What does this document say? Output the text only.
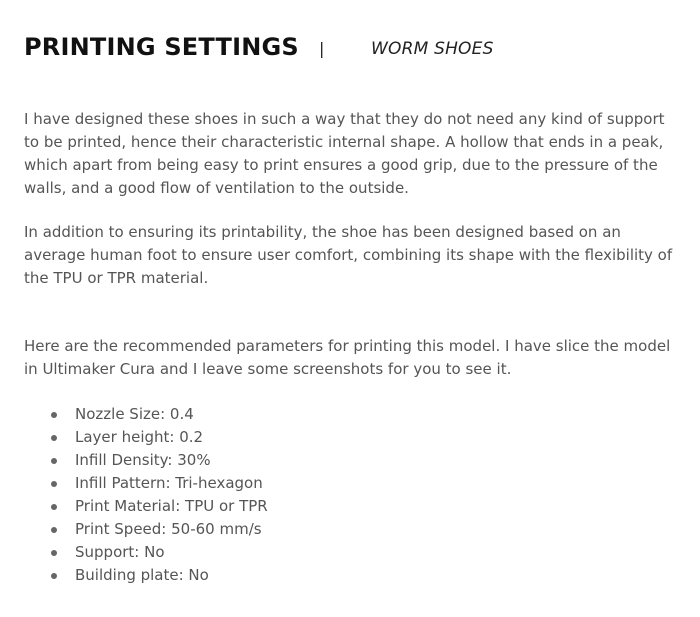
PRINTING SETTINGS |	WORM SHOES

I have designed these shoes in such a way that they do not need any kind of support to be printed, hence their characteristic internal shape. A hollow that ends in a peak, which apart from being easy to print ensures a good grip, due to the pressure of the walls, and a good flow of ventilation to the outside.

In addition to ensuring its printability, the shoe has been designed based on an average human foot to ensure user comfort, combining its shape with the flexibility of the TPU or TPR material.

Here are the recommended parameters for printing this model. I have slice the model in Ultimaker Cura and I leave some screenshots for you to see it.

Nozzle Size: 0.4
Layer height: 0.2
Infill Density: 30%
Infill Pattern: Tri-hexagon
Print Material: TPU or TPR
Print Speed: 50-60 mm/s
Support: No
Building plate: No
